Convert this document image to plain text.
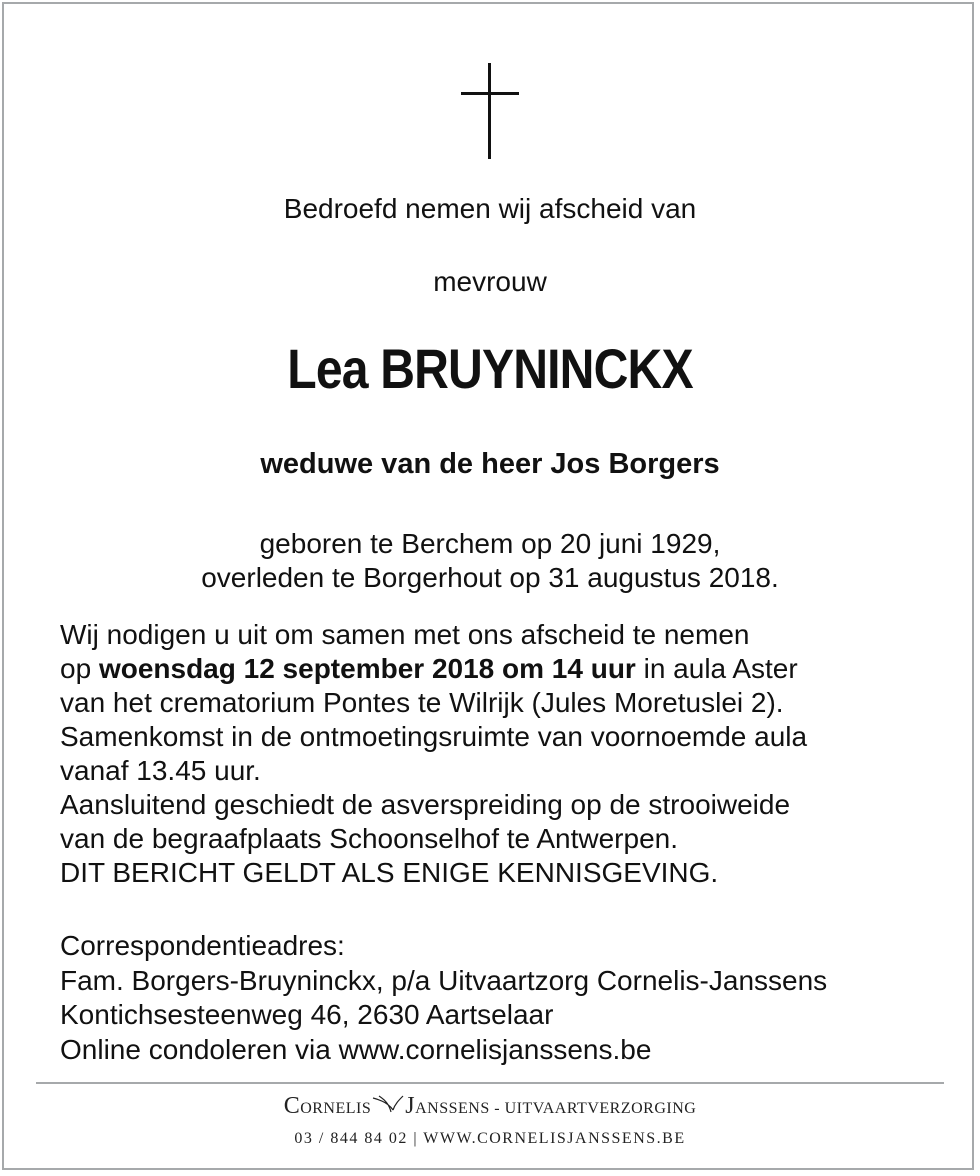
Bedroefd nemen wij afscheid van
mevrouw
Lea BRUYNINCKX
weduwe van de heer Jos Borgers
geboren te Berchem op 20 juni 1929,
overleden te Borgerhout op 31 augustus 2018.
Wij nodigen u uit om samen met ons afscheid te nemen
op woensdag 12 september 2018 om 14 uur in aula Aster
van het crematorium Pontes te Wilrijk (Jules Moretuslei 2).
Samenkomst in de ontmoetingsruimte van voornoemde aula
vanaf 13.45 uur.
Aansluitend geschiedt de asverspreiding op de strooiweide
van de begraafplaats Schoonselhof te Antwerpen.
DIT BERICHT GELDT ALS ENIGE KENNISGEVING.
Correspondentieadres:
Fam. Borgers-Bruyninckx, p/a Uitvaartzorg Cornelis-Janssens
Kontichsesteenweg 46, 2630 Aartselaar
Online condoleren via www.cornelisjanssens.be
CORNELIS JANSSENS - UITVAARTVERZORGING
03 / 844 84 02 | WWW.CORNELISJANSSENS.BE
